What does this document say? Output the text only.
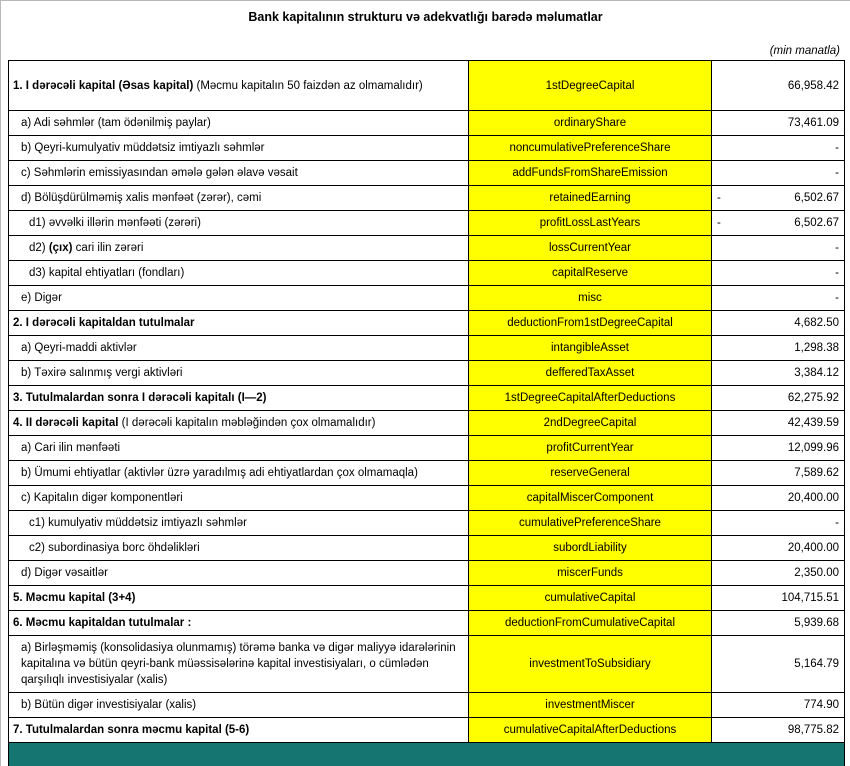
Bank kapitalının strukturu və adekvatlığı barədə məlumatlar
(min manatla)
1. I dərəcəli kapital (Əsas kapital) (Məcmu kapitalın 50 faizdən az olmamalıdır)	1stDegreeCapital	66,958.42
a) Adi səhmlər (tam ödənilmiş paylar)	ordinaryShare	73,461.09
b) Qeyri-kumulyativ müddətsiz imtiyazlı səhmlər	noncumulativePreferenceShare	-
c) Səhmlərin emissiyasından əmələ gələn əlavə vəsait	addFundsFromShareEmission	-
d) Bölüşdürülməmiş xalis mənfəət (zərər), cəmi	retainedEarning	- 6,502.67
d1) əvvəlki illərin mənfəəti (zərəri)	profitLossLastYears	- 6,502.67
d2) (çıx) cari ilin zərəri	lossCurrentYear	-
d3) kapital ehtiyatları (fondları)	capitalReserve	-
e) Digər	misc	-
2. I dərəcəli kapitaldan tutulmalar	deductionFrom1stDegreeCapital	4,682.50
a) Qeyri-maddi aktivlər	intangibleAsset	1,298.38
b) Təxirə salınmış vergi aktivləri	defferedTaxAsset	3,384.12
3. Tutulmalardan sonra I dərəcəli kapitalı (I—2)	1stDegreeCapitalAfterDeductions	62,275.92
4. II dərəcəli kapital (I dərəcəli kapitalın məbləğindən çox olmamalıdır)	2ndDegreeCapital	42,439.59
a) Cari ilin mənfəəti	profitCurrentYear	12,099.96
b) Ümumi ehtiyatlar (aktivlər üzrə yaradılmış adi ehtiyatlardan çox olmamaqla)	reserveGeneral	7,589.62
c) Kapitalın digər komponentləri	capitalMiscerComponent	20,400.00
c1) kumulyativ müddətsiz imtiyazlı səhmlər	cumulativePreferenceShare	-
c2) subordinasiya borc öhdəlikləri	subordLiability	20,400.00
d) Digər vəsaitlər	miscerFunds	2,350.00
5. Məcmu kapital (3+4)	cumulativeCapital	104,715.51
6. Məcmu kapitaldan tutulmalar :	deductionFromCumulativeCapital	5,939.68
a) Birləşməmiş (konsolidasiya olunmamış) törəmə banka və digər maliyyə idarələrinin kapitalına və bütün qeyri-bank müəssisələrinə kapital investisiyaları, o cümlədən qarşılıqlı investisiyalar (xalis)	investmentToSubsidiary	5,164.79
b) Bütün digər investisiyalar (xalis)	investmentMiscer	774.90
7. Tutulmalardan sonra məcmu kapital (5-6)	cumulativeCapitalAfterDeductions	98,775.82
